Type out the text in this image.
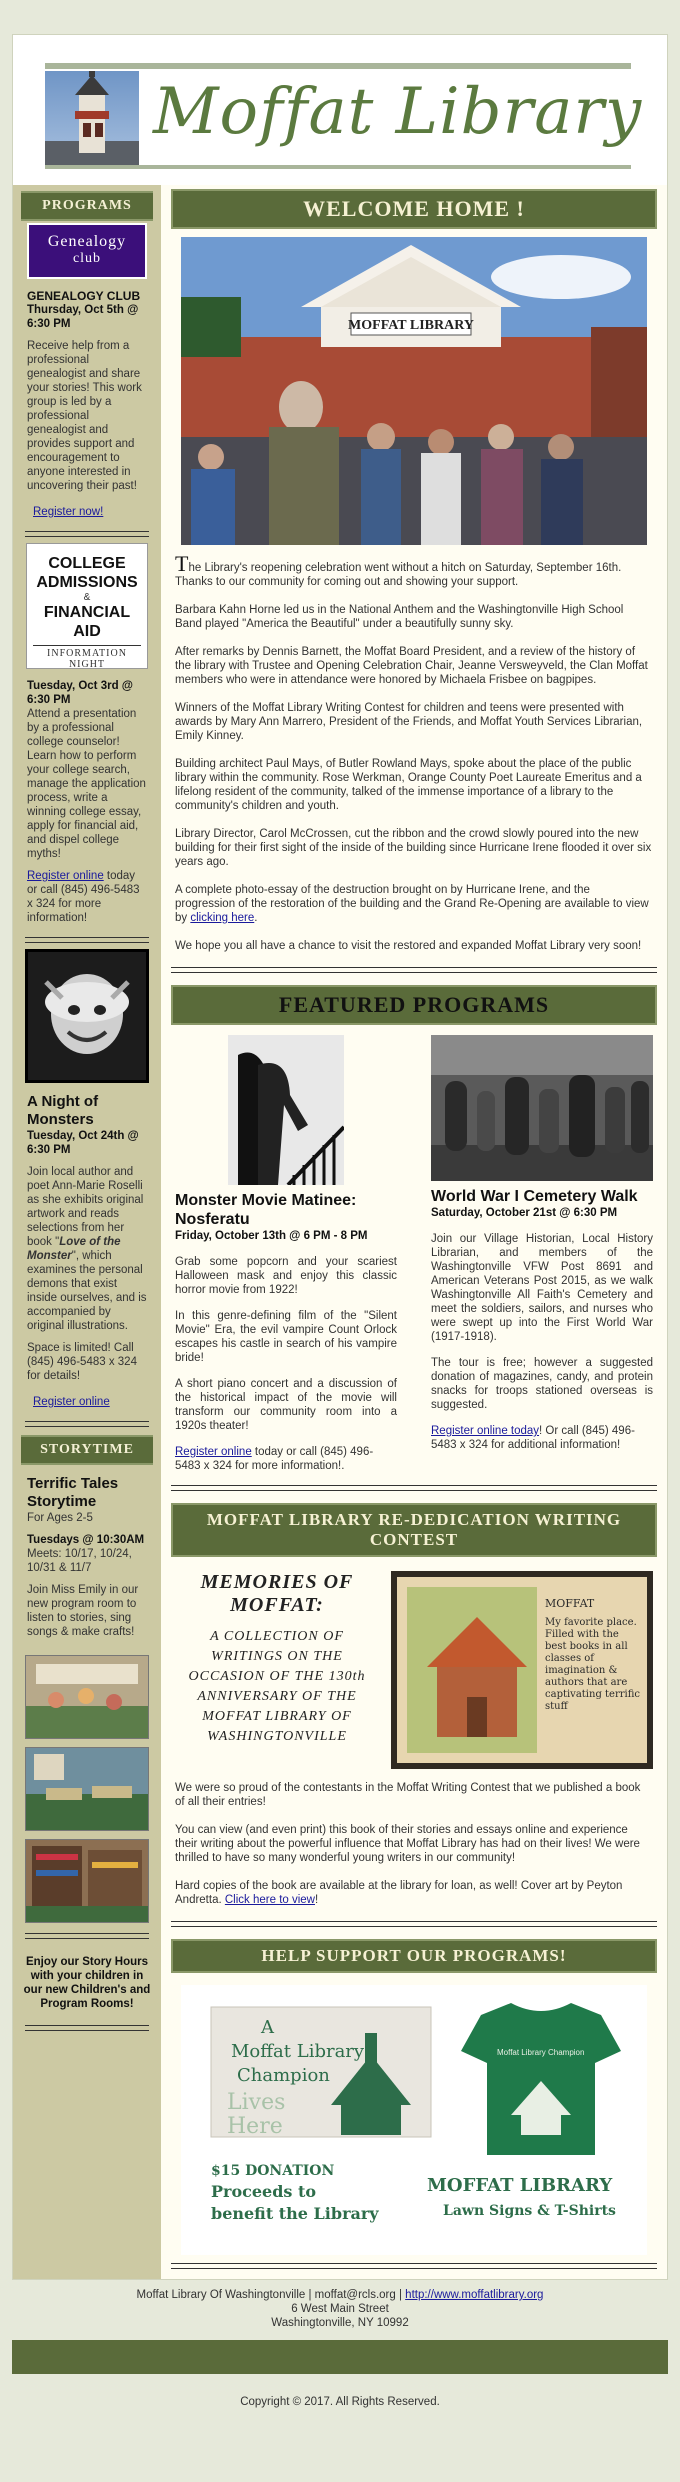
Moffat Library
PROGRAMS
Genealogy
club
GENEALOGY CLUB
Thursday, Oct 5th @ 6:30 PM

Receive help from a professional genealogist and share your stories! This work group is led by a professional genealogist and provides support and encouragement to anyone interested in uncovering their past!

Register now!
COLLEGE
ADMISSIONS
&
FINANCIAL
AID
INFORMATION NIGHT
Tuesday, Oct 3rd @ 6:30 PM
Attend a presentation by a professional college counselor! Learn how to perform your college search, manage the application process, write a winning college essay, apply for financial aid, and dispel college myths!

Register online today or call (845) 496-5483 x 324 for more information!

A Night of Monsters
Tuesday, Oct 24th @ 6:30 PM

Join local author and poet Ann-Marie Roselli as she exhibits original artwork and reads selections from her book "Love of the Monster", which examines the personal demons that exist inside ourselves, and is accompanied by original illustrations.

Space is limited! Call (845) 496-5483 x 324 for details!

Register online
STORYTIME
Terrific Tales Storytime
For Ages 2-5

Tuesdays @ 10:30AM

Meets: 10/17, 10/24, 10/31 & 11/7

Join Miss Emily in our new program room to listen to stories, sing songs & make crafts!

Enjoy our Story Hours with your children in our new Children's and Program Rooms!
WELCOME HOME !
MOFFAT LIBRARY

The Library's reopening celebration went without a hitch on Saturday, September 16th. Thanks to our community for coming out and showing your support.

Barbara Kahn Horne led us in the National Anthem and the Washingtonville High School Band played "America the Beautiful" under a beautifully sunny sky.

After remarks by Dennis Barnett, the Moffat Board President, and a review of the history of the library with Trustee and Opening Celebration Chair, Jeanne Versweyveld, the Clan Moffat members who were in attendance were honored by Michaela Frisbee on bagpipes.

Winners of the Moffat Library Writing Contest for children and teens were presented with awards by Mary Ann Marrero, President of the Friends, and Moffat Youth Services Librarian, Emily Kinney.

Building architect Paul Mays, of Butler Rowland Mays, spoke about the place of the public library within the community. Rose Werkman, Orange County Poet Laureate Emeritus and a lifelong resident of the community, talked of the immense importance of a library to the community's children and youth.

Library Director, Carol McCrossen, cut the ribbon and the crowd slowly poured into the new building for their first sight of the inside of the building since Hurricane Irene flooded it over six years ago.

A complete photo-essay of the destruction brought on by Hurricane Irene, and the progression of the restoration of the building and the Grand Re-Opening are available to view by clicking here.

We hope you all have a chance to visit the restored and expanded Moffat Library very soon!

FEATURED PROGRAMS
Monster Movie Matinee: Nosferatu
Friday, October 13th @ 6 PM - 8 PM

Grab some popcorn and your scariest Halloween mask and enjoy this classic horror movie from 1922!

In this genre-defining film of the "Silent Movie" Era, the evil vampire Count Orlock escapes his castle in search of his vampire bride!

A short piano concert and a discussion of the historical impact of the movie will transform our community room into a 1920s theater!

Register online today or call (845) 496-5483 x 324 for more information!.

World War I Cemetery Walk
Saturday, October 21st @ 6:30 PM

Join our Village Historian, Local History Librarian, and members of the Washingtonville VFW Post 8691 and American Veterans Post 2015, as we walk Washingtonville All Faith's Cemetery and meet the soldiers, sailors, and nurses who were swept up into the First World War (1917-1918).

The tour is free; however a suggested donation of magazines, candy, and protein snacks for troops stationed overseas is suggested.

Register online today! Or call (845) 496-5483 x 324 for additional information!

MOFFAT LIBRARY RE-DEDICATION WRITING CONTEST
MEMORIES OF MOFFAT:
A COLLECTION OF WRITINGS ON THE OCCASION OF THE 130th ANNIVERSARY OF THE MOFFAT LIBRARY OF WASHINGTONVILLE
MOFFAT
My favorite place. Filled with the best books in all classes of imagination & authors that are captivating terrific stuff

We were so proud of the contestants in the Moffat Writing Contest that we published a book of all their entries!

You can view (and even print) this book of their stories and essays online and experience their writing about the powerful influence that Moffat Library has had on their lives! We were thrilled to have so many wonderful young writers in our community!

Hard copies of the book are available at the library for loan, as well! Cover art by Peyton Andretta. Click here to view!

HELP SUPPORT OUR PROGRAMS!
A
Moffat Library
Champion
Lives
Here
Moffat Library Champion
$15 DONATION
Proceeds to
benefit the Library
MOFFAT LIBRARY
Lawn Signs & T-Shirts
Moffat Library Of Washingtonville | moffat@rcls.org | http://www.moffatlibrary.org
6 West Main Street
Washingtonville, NY 10992
Copyright © 2017. All Rights Reserved.
